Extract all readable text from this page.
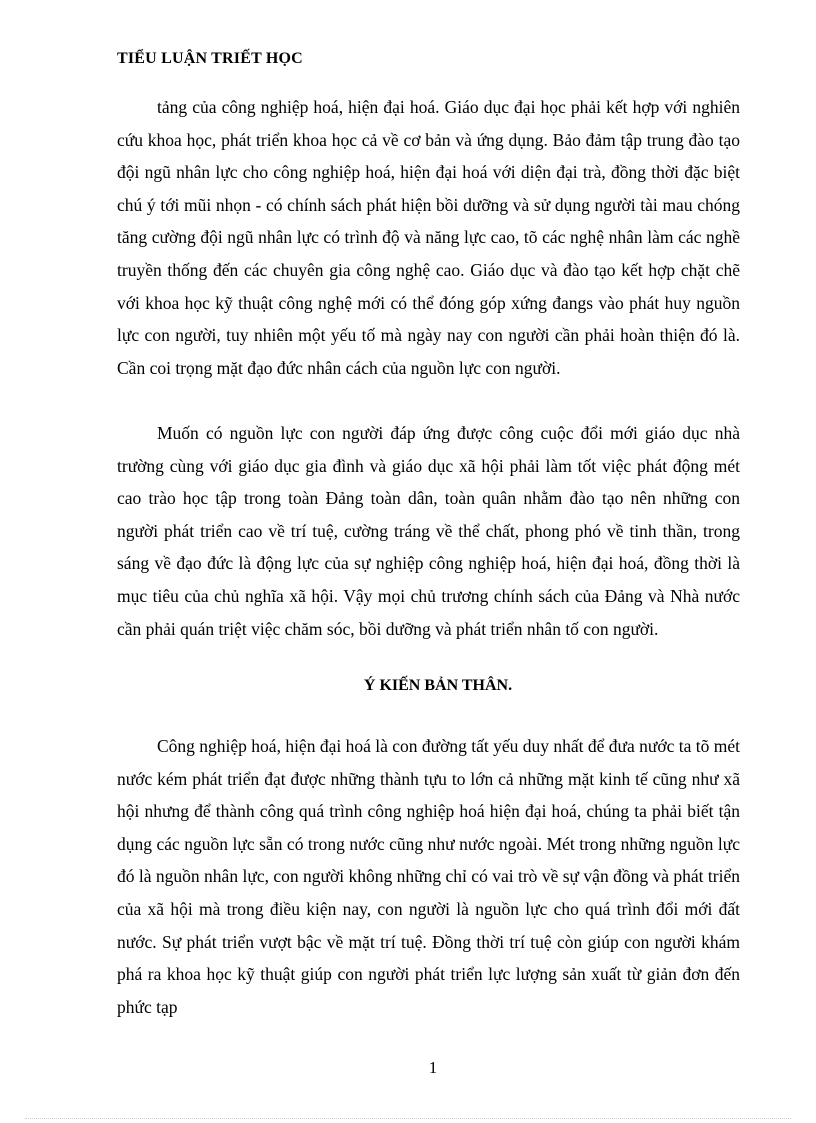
TIỂU LUẬN TRIẾT HỌC

tảng của công nghiệp hoá, hiện đại hoá. Giáo dục đại học phải kết hợp với nghiên cứu khoa học, phát triển khoa học cả về cơ bản và ứng dụng. Bảo đảm tập trung đào tạo đội ngũ nhân lực cho công nghiệp hoá, hiện đại hoá với diện đại trà, đồng thời đặc biệt chú ý tới mũi nhọn - có chính sách phát hiện bồi dưỡng và sử dụng người tài mau chóng tăng cường đội ngũ nhân lực có trình độ và năng lực cao, tõ các nghệ nhân làm các nghề truyền thống đến các chuyên gia công nghệ cao. Giáo dục và đào tạo kết hợp chặt chẽ với khoa học kỹ thuật công nghệ mới có thể đóng góp xứng đangs vào phát huy nguồn lực con người, tuy nhiên một yếu tố mà ngày nay con người cần phải hoàn thiện đó là. Cần coi trọng mặt đạo đức nhân cách của nguồn lực con người.

Muốn có nguồn lực con người đáp ứng được công cuộc đổi mới giáo dục nhà trường cùng với giáo dục gia đình và giáo dục xã hội phải làm tốt việc phát động mét cao trào học tập trong toàn Đảng toàn dân, toàn quân nhằm đào tạo nên những con người phát triển cao về trí tuệ, cường tráng về thể chất, phong phó về tinh thần, trong sáng về đạo đức là động lực của sự nghiệp công nghiệp hoá, hiện đại hoá, đồng thời là mục tiêu của chủ nghĩa xã hội. Vậy mọi chủ trương chính sách của Đảng và Nhà nước cần phải quán triệt việc chăm sóc, bồi dưỡng và phát triển nhân tố con người.

Ý KIẾN BẢN THÂN.

Công nghiệp hoá, hiện đại hoá là con đường tất yếu duy nhất để đưa nước ta tõ mét nước kém phát triển đạt được những thành tựu to lớn cả những mặt kinh tế cũng như xã hội nhưng để thành công quá trình công nghiệp hoá hiện đại hoá, chúng ta phải biết tận dụng các nguồn lực sẵn có trong nước cũng như nước ngoài. Mét trong những nguồn lực đó là nguồn nhân lực, con người không những chỉ có vai trò về sự vận đồng và phát triển của xã hội mà trong điều kiện nay, con người là nguồn lực cho quá trình đổi mới đất nước. Sự phát triển vượt bậc về mặt trí tuệ. Đồng thời trí tuệ còn giúp con người khám phá ra khoa học kỹ thuật giúp con người phát triển lực lượng sản xuất từ giản đơn đến phức tạp

1
